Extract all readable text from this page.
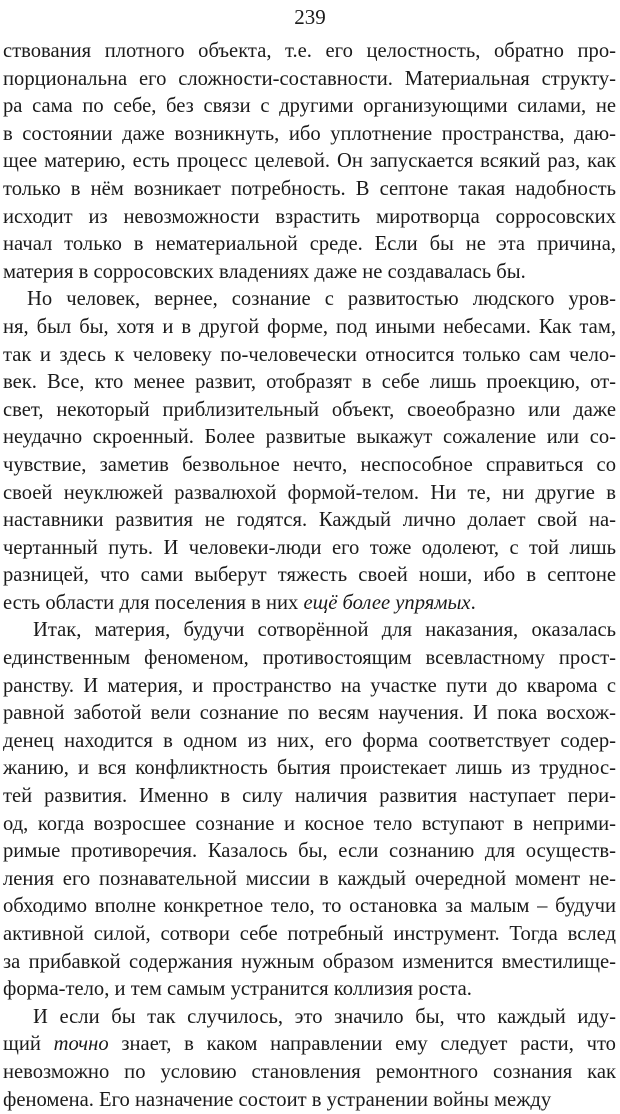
239
ствования плотного объекта, т.е. его целостность, обратно про-
порциональна его сложности-составности. Материальная структу-
ра сама по себе, без связи с другими организующими силами, не
в состоянии даже возникнуть, ибо уплотнение пространства, даю-
щее материю, есть процесс целевой. Он запускается всякий раз, как
только в нём возникает потребность. В септоне такая надобность
исходит из невозможности взрастить миротворца сорросовских
начал только в нематериальной среде. Если бы не эта причина,
материя в сорросовских владениях даже не создавалась бы.
Но человек, вернее, сознание с развитостью людского уров-
ня, был бы, хотя и в другой форме, под иными небесами. Как там,
так и здесь к человеку по-человечески относится только сам чело-
век. Все, кто менее развит, отобразят в себе лишь проекцию, от-
свет, некоторый приблизительный объект, своеобразно или даже
неудачно скроенный. Более развитые выкажут сожаление или со-
чувствие, заметив безвольное нечто, неспособное справиться со
своей неуклюжей развалюхой формой-телом. Ни те, ни другие в
наставники развития не годятся. Каждый лично долает свой на-
чертанный путь. И человеки-люди его тоже одолеют, с той лишь
разницей, что сами выберут тяжесть своей ноши, ибо в септоне
есть области для поселения в них ещё более упрямых.
Итак, материя, будучи сотворённой для наказания, оказалась
единственным феноменом, противостоящим всевластному прост-
ранству. И материя, и пространство на участке пути до кварома с
равной заботой вели сознание по весям научения. И пока восхож-
денец находится в одном из них, его форма соответствует содер-
жанию, и вся конфликтность бытия проистекает лишь из труднос-
тей развития. Именно в силу наличия развития наступает пери-
од, когда возросшее сознание и косное тело вступают в неприми-
римые противоречия. Казалось бы, если сознанию для осуществ-
ления его познавательной миссии в каждый очередной момент не-
обходимо вполне конкретное тело, то остановка за малым – будучи
активной силой, сотвори себе потребный инструмент. Тогда вслед
за прибавкой содержания нужным образом изменится вместилище-
форма-тело, и тем самым устранится коллизия роста.
И если бы так случилось, это значило бы, что каждый иду-
щий точно знает, в каком направлении ему следует расти, что
невозможно по условию становления ремонтного сознания как
феномена. Его назначение состоит в устранении войны между
